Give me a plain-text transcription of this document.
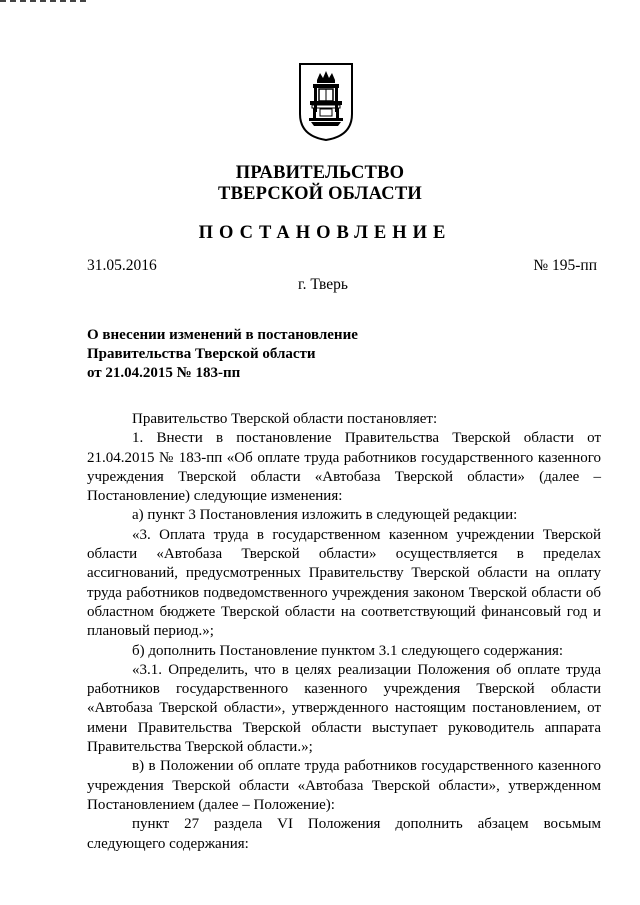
ПРАВИТЕЛЬСТВО
ТВЕРСКОЙ ОБЛАСТИ
ПОСТАНОВЛЕНИЕ
31.05.2016	№ 195-пп
г. Тверь
О внесении изменений в постановление
Правительства Тверской области
от 21.04.2015 № 183-пп

Правительство Тверской области постановляет:

1. Внести в постановление Правительства Тверской области от 21.04.2015 № 183-пп «Об оплате труда работников государственного казенного учреждения Тверской области «Автобаза Тверской области» (далее – Постановление) следующие изменения:

а) пункт 3 Постановления изложить в следующей редакции:

«3. Оплата труда в государственном казенном учреждении Тверской области «Автобаза Тверской области» осуществляется в пределах ассигнований, предусмотренных Правительству Тверской области на оплату труда работников подведомственного учреждения законом Тверской области об областном бюджете Тверской области на соответствующий финансовый год и плановый период.»;

б) дополнить Постановление пунктом 3.1 следующего содержания:

«3.1. Определить, что в целях реализации Положения об оплате труда работников государственного казенного учреждения Тверской области «Автобаза Тверской области», утвержденного настоящим постановлением, от имени Правительства Тверской области выступает руководитель аппарата Правительства Тверской области.»;

в) в Положении об оплате труда работников государственного казенного учреждения Тверской области «Автобаза Тверской области», утвержденном Постановлением (далее – Положение):

пункт 27 раздела VI Положения дополнить абзацем восьмым следующего содержания:
